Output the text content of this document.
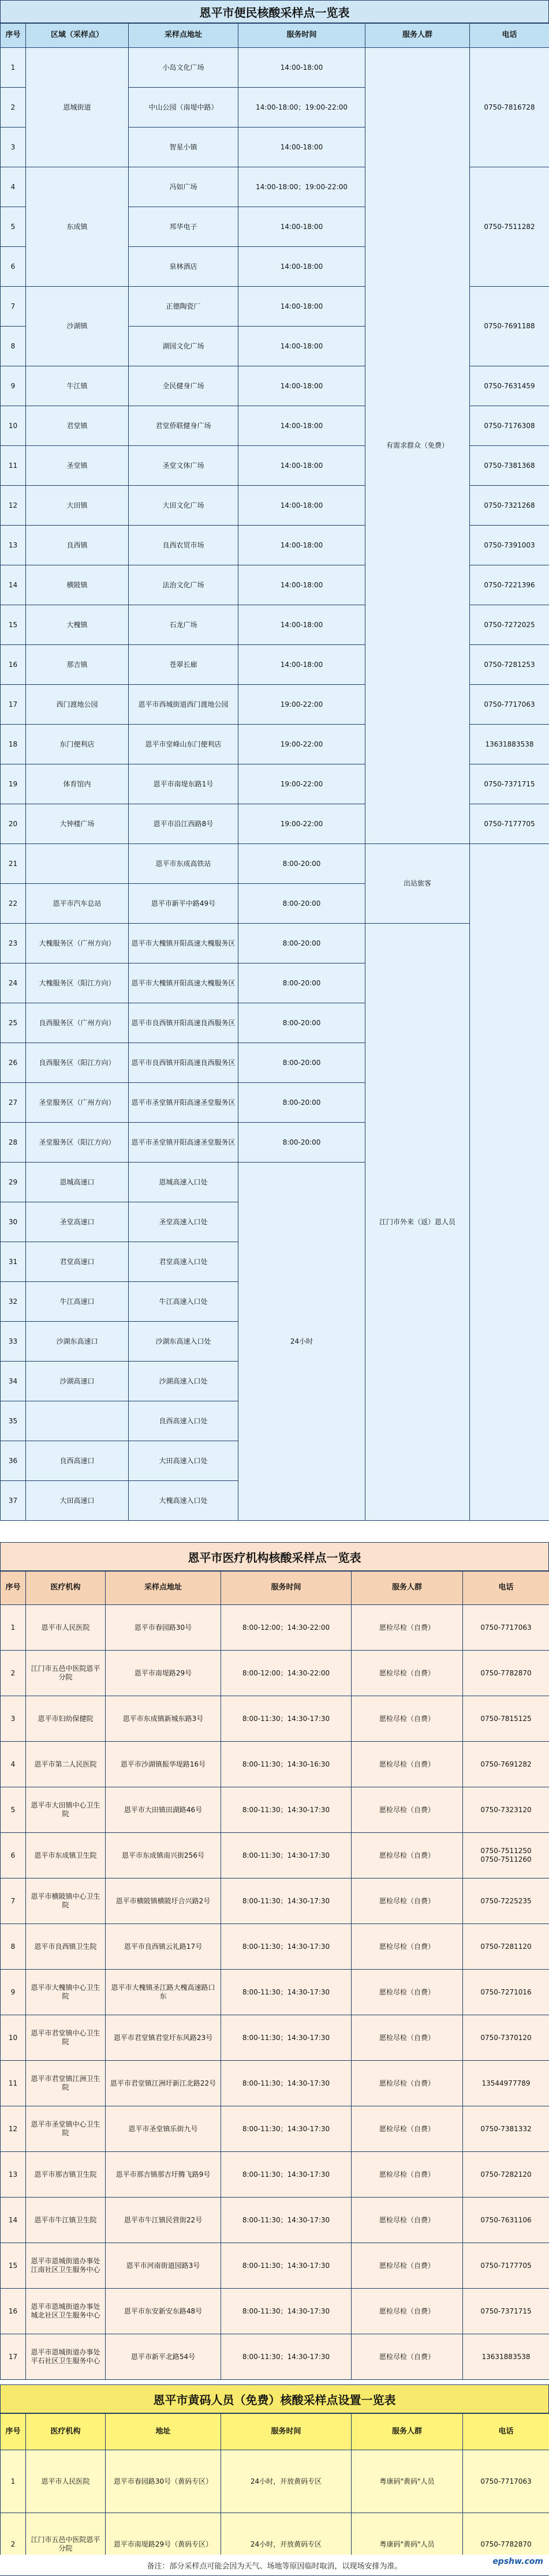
恩平市便民核酸采样点一览表
序号	区域（采样点）	采样点地址	服务时间	服务人群	电话
1	恩城街道	小岛文化广场	14:00-18:00	有需求群众（免费）	0750-7816728
2		中山公园（南堤中路）	14:00-18:00；19:00-22:00		
3		智星小镇	14:00-18:00		
4	东成镇	冯如广场	14:00-18:00；19:00-22:00		0750-7511282
5		邦华电子	14:00-18:00		
6		泉林酒店	14:00-18:00		
7	沙湖镇	正德陶瓷厂	14:00-18:00		0750-7691188
8		湖园文化广场	14:00-18:00		
9	牛江镇	全民健身广场	14:00-18:00		0750-7631459
10	君堂镇	君堂侨联健身广场	14:00-18:00		0750-7176308
11	圣堂镇	圣堂文体广场	14:00-18:00		0750-7381368
12	大田镇	大田文化广场	14:00-18:00		0750-7321268
13	良西镇	良西农贸市场	14:00-18:00		0750-7391003
14	横陂镇	法治文化广场	14:00-18:00		0750-7221396
15	大槐镇	石龙广场	14:00-18:00		0750-7272025
16	那吉镇	苍翠长廊	14:00-18:00		0750-7281253
17	西门渡地公园	恩平市西城街道西门渡地公园	19:00-22:00		0750-7717063
18	东门便利店	恩平市堂峰山东门便利店	19:00-22:00		13631883538
19	体育馆内	恩平市南堤东路1号	19:00-22:00		0750-7371715
20	大钟楼广场	恩平市沿江西路8号	19:00-22:00		0750-7177705
21		恩平市东成高铁站	8:00-20:00	出站旅客	
22	恩平市汽车总站	恩平市新平中路49号	8:00-20:00		
23	大槐服务区（广州方向）	恩平市大槐镇开阳高速大槐服务区	8:00-20:00	江门市外来（返）恩人员	
24	大槐服务区（阳江方向）	恩平市大槐镇开阳高速大槐服务区	8:00-20:00		
25	良西服务区（广州方向）	恩平市良西镇开阳高速良西服务区	8:00-20:00		
26	良西服务区（阳江方向）	恩平市良西镇开阳高速良西服务区	8:00-20:00		
27	圣堂服务区（广州方向）	恩平市圣堂镇开阳高速圣堂服务区	8:00-20:00		
28	圣堂服务区（阳江方向）	恩平市圣堂镇开阳高速圣堂服务区	8:00-20:00		
29	恩城高速口	恩城高速入口处	24小时		
30	圣堂高速口	圣堂高速入口处			
31	君堂高速口	君堂高速入口处			
32	牛江高速口	牛江高速入口处			
33	沙湖东高速口	沙湖东高速入口处			
34	沙湖高速口	沙湖高速入口处			
35		良西高速入口处			
36	良西高速口	大田高速入口处			
37	大田高速口	大槐高速入口处			
恩平市医疗机构核酸采样点一览表
序号	医疗机构	采样点地址	服务时间	服务人群	电话
1	恩平市人民医院	恩平市春园路30号	8:00-12:00；14:30-22:00	愿检尽检（自费）	0750-7717063
2	江门市五邑中医院恩平分院	恩平市南堤路29号	8:00-12:00；14:30-22:00	愿检尽检（自费）	0750-7782870
3	恩平市妇幼保健院	恩平市东成镇新城东路3号	8:00-11:30；14:30-17:30	愿检尽检（自费）	0750-7815125
4	恩平市第二人民医院	恩平市沙湖镇振华堤路16号	8:00-11:30；14:30-16:30	愿检尽检（自费）	0750-7691282
5	恩平市大田镇中心卫生院	恩平市大田镇田湖路46号	8:00-11:30；14:30-17:30	愿检尽检（自费）	0750-7323120
6	恩平市东成镇卫生院	恩平市东成镇南兴街256号	8:00-11:30；14:30-17:30	愿检尽检（自费）	0750-7511250
0750-7511260
7	恩平市横陂镇中心卫生院	恩平市横陂镇横陂圩合兴路2号	8:00-11:30；14:30-17:30	愿检尽检（自费）	0750-7225235
8	恩平市良西镇卫生院	恩平市良西镇云礼路17号	8:00-11:30；14:30-17:30	愿检尽检（自费）	0750-7281120
9	恩平市大槐镇中心卫生院	恩平市大槐镇圣江路大槐高速路口东	8:00-11:30；14:30-17:30	愿检尽检（自费）	0750-7271016
10	恩平市君堂镇中心卫生院	恩平市君堂镇君堂圩东风路23号	8:00-11:30；14:30-17:30	愿检尽检（自费）	0750-7370120
11	恩平市君堂镇江洲卫生院	恩平市君堂镇江洲圩新江北路22号	8:00-11:30；14:30-17:30	愿检尽检（自费）	13544977789
12	恩平市圣堂镇中心卫生院	恩平市圣堂镇乐街九号	8:00-11:30；14:30-17:30	愿检尽检（自费）	0750-7381332
13	恩平市那吉镇卫生院	恩平市那吉镇那吉圩腾飞路9号	8:00-11:30；14:30-17:30	愿检尽检（自费）	0750-7282120
14	恩平市牛江镇卫生院	恩平市牛江镇民营街22号	8:00-11:30；14:30-17:30	愿检尽检（自费）	0750-7631106
15	恩平市恩城街道办事处江南社区卫生服务中心	恩平市河南街道园路3号	8:00-11:30；14:30-17:30	愿检尽检（自费）	0750-7177705
16	恩平市恩城街道办事处城北社区卫生服务中心	恩平市东安新安东路48号	8:00-11:30；14:30-17:30	愿检尽检（自费）	0750-7371715
17	恩平市恩城街道办事处平石社区卫生服务中心	恩平市新平北路54号	8:00-11:30；14:30-17:30	愿检尽检（自费）	13631883538
恩平市黄码人员（免费）核酸采样点设置一览表
序号	医疗机构	地址	服务时间	服务人群	电话
1	恩平市人民医院	恩平市春园路30号（黄码专区）	24小时，开放黄码专区	粤康码"黄码"人员	0750-7717063
2	江门市五邑中医院恩平分院	恩平市南堤路29号（黄码专区）	24小时，开放黄码专区	粤康码"黄码"人员	0750-7782870
备注：部分采样点可能会因为天气、场地等原因临时取消，以现场安排为准。	epshw.com
